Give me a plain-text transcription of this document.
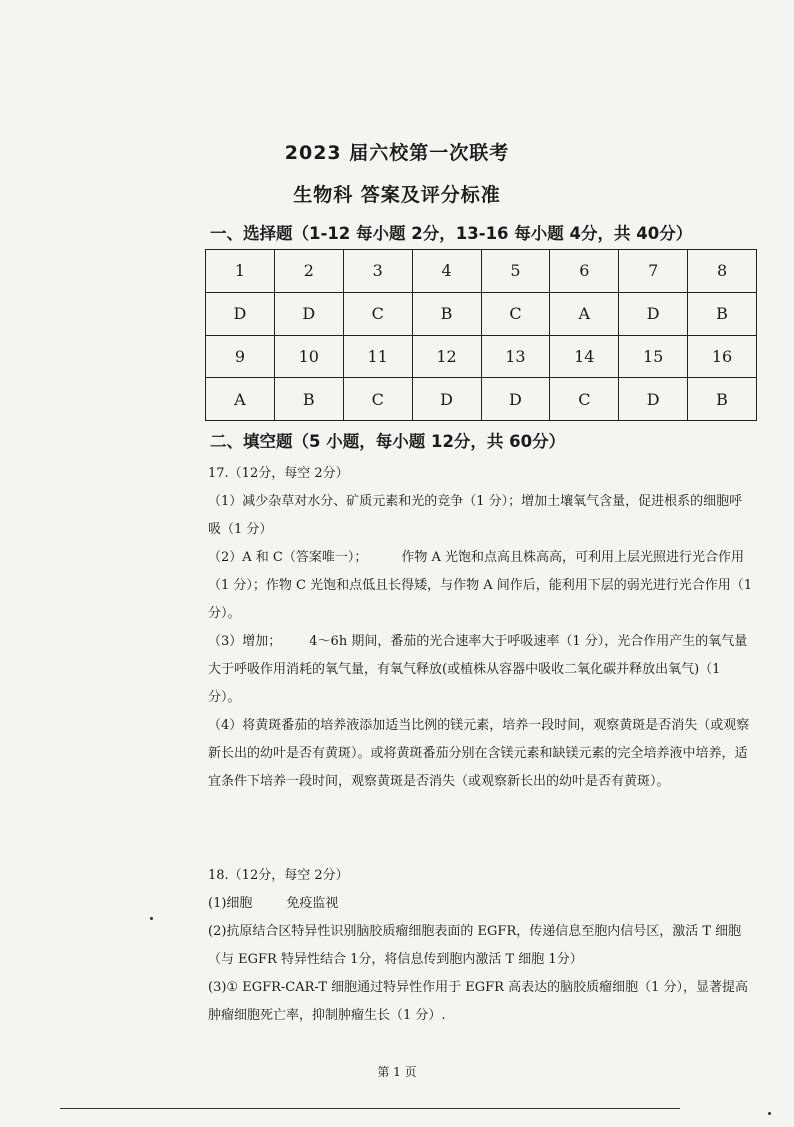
2023 届六校第一次联考
生物科 答案及评分标准
一、选择题（1-12 每小题 2分，13-16 每小题 4分，共 40分）
1	2	3	4	5	6	7	8
D	D	C	B	C	A	D	B
9	10	11	12	13	14	15	16
A	B	C	D	D	C	D	B
二、填空题（5 小题，每小题 12分，共 60分）

17.（12分，每空 2分）

（1）减少杂草对水分、矿质元素和光的竞争（1 分）；增加土壤氧气含量，促进根系的细胞呼吸（1 分）

（2）A 和 C（答案唯一）；	作物 A 光饱和点高且株高高，可利用上层光照进行光合作用（1 分）；作物 C 光饱和点低且长得矮，与作物 A 间作后，能利用下层的弱光进行光合作用（1 分）。

（3）增加； 4～6h 期间，番茄的光合速率大于呼吸速率（1 分），光合作用产生的氧气量大于呼吸作用消耗的氧气量，有氧气释放(或植株从容器中吸收二氧化碳并释放出氧气)（1 分）。

（4）将黄斑番茄的培养液添加适当比例的镁元素，培养一段时间，观察黄斑是否消失（或观察新长出的幼叶是否有黄斑）。或将黄斑番茄分别在含镁元素和缺镁元素的完全培养液中培养，适宜条件下培养一段时间，观察黄斑是否消失（或观察新长出的幼叶是否有黄斑）。

18.（12分，每空 2分）

(1)细胞	免疫监视

(2)抗原结合区特异性识别脑胶质瘤细胞表面的 EGFR，传递信息至胞内信号区，激活 T 细胞（与 EGFR 特异性结合 1分，将信息传到胞内激活 T 细胞 1分）

(3)① EGFR-CAR-T 细胞通过特异性作用于 EGFR 高表达的脑胶质瘤细胞（1 分），显著提高肿瘤细胞死亡率，抑制肿瘤生长（1 分）.

第 1 页
